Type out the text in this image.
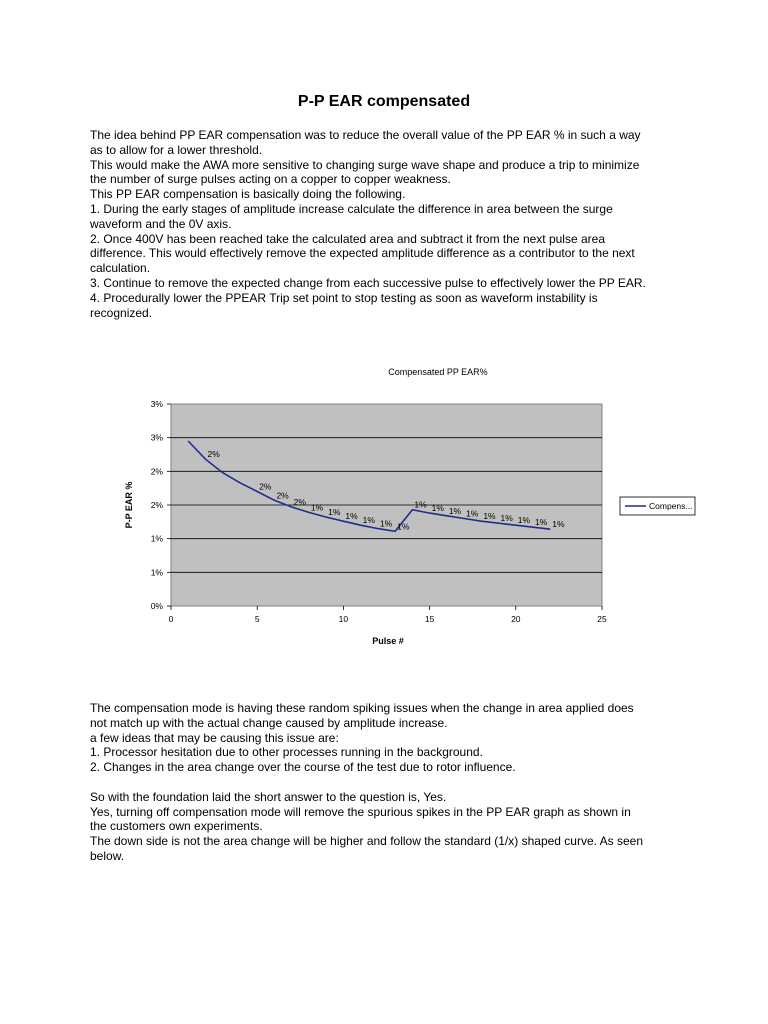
P-P EAR compensated
The idea behind PP EAR compensation was to reduce the overall value of the PP EAR % in such a way
as to allow for a lower threshold.
This would make the AWA more sensitive to changing surge wave shape and produce a trip to minimize
the number of surge pulses acting on a copper to copper weakness.
This PP EAR compensation is basically doing the following.
1. During the early stages of amplitude increase calculate the difference in area between the surge
waveform and the 0V axis.
2. Once 400V has been reached take the calculated area and subtract it from the next pulse area
difference. This would effectively remove the expected amplitude difference as a contributor to the next
calculation.
3. Continue to remove the expected change from each successive pulse to effectively lower the PP EAR.
4. Procedurally lower the PPEAR Trip set point to stop testing as soon as waveform instability is
recognized.
0%
1%
1%
2%
2%
3%
3%
0	5	10	15	20	25
2%
2%
2%
2%
1% 1% 1% 1% 1% 1%
1% 1% 1% 1% 1% 1% 1% 1% 1%
Compensated PP EAR%
Pulse #
P-P EAR %	Compens...
The compensation mode is having these random spiking issues when the change in area applied does
not match up with the actual change caused by amplitude increase.
a few ideas that may be causing this issue are:
1. Processor hesitation due to other processes running in the background.
2. Changes in the area change over the course of the test due to rotor influence.
So with the foundation laid the short answer to the question is, Yes.
Yes, turning off compensation mode will remove the spurious spikes in the PP EAR graph as shown in
the customers own experiments.
The down side is not the area change will be higher and follow the standard (1/x) shaped curve. As seen
below.
